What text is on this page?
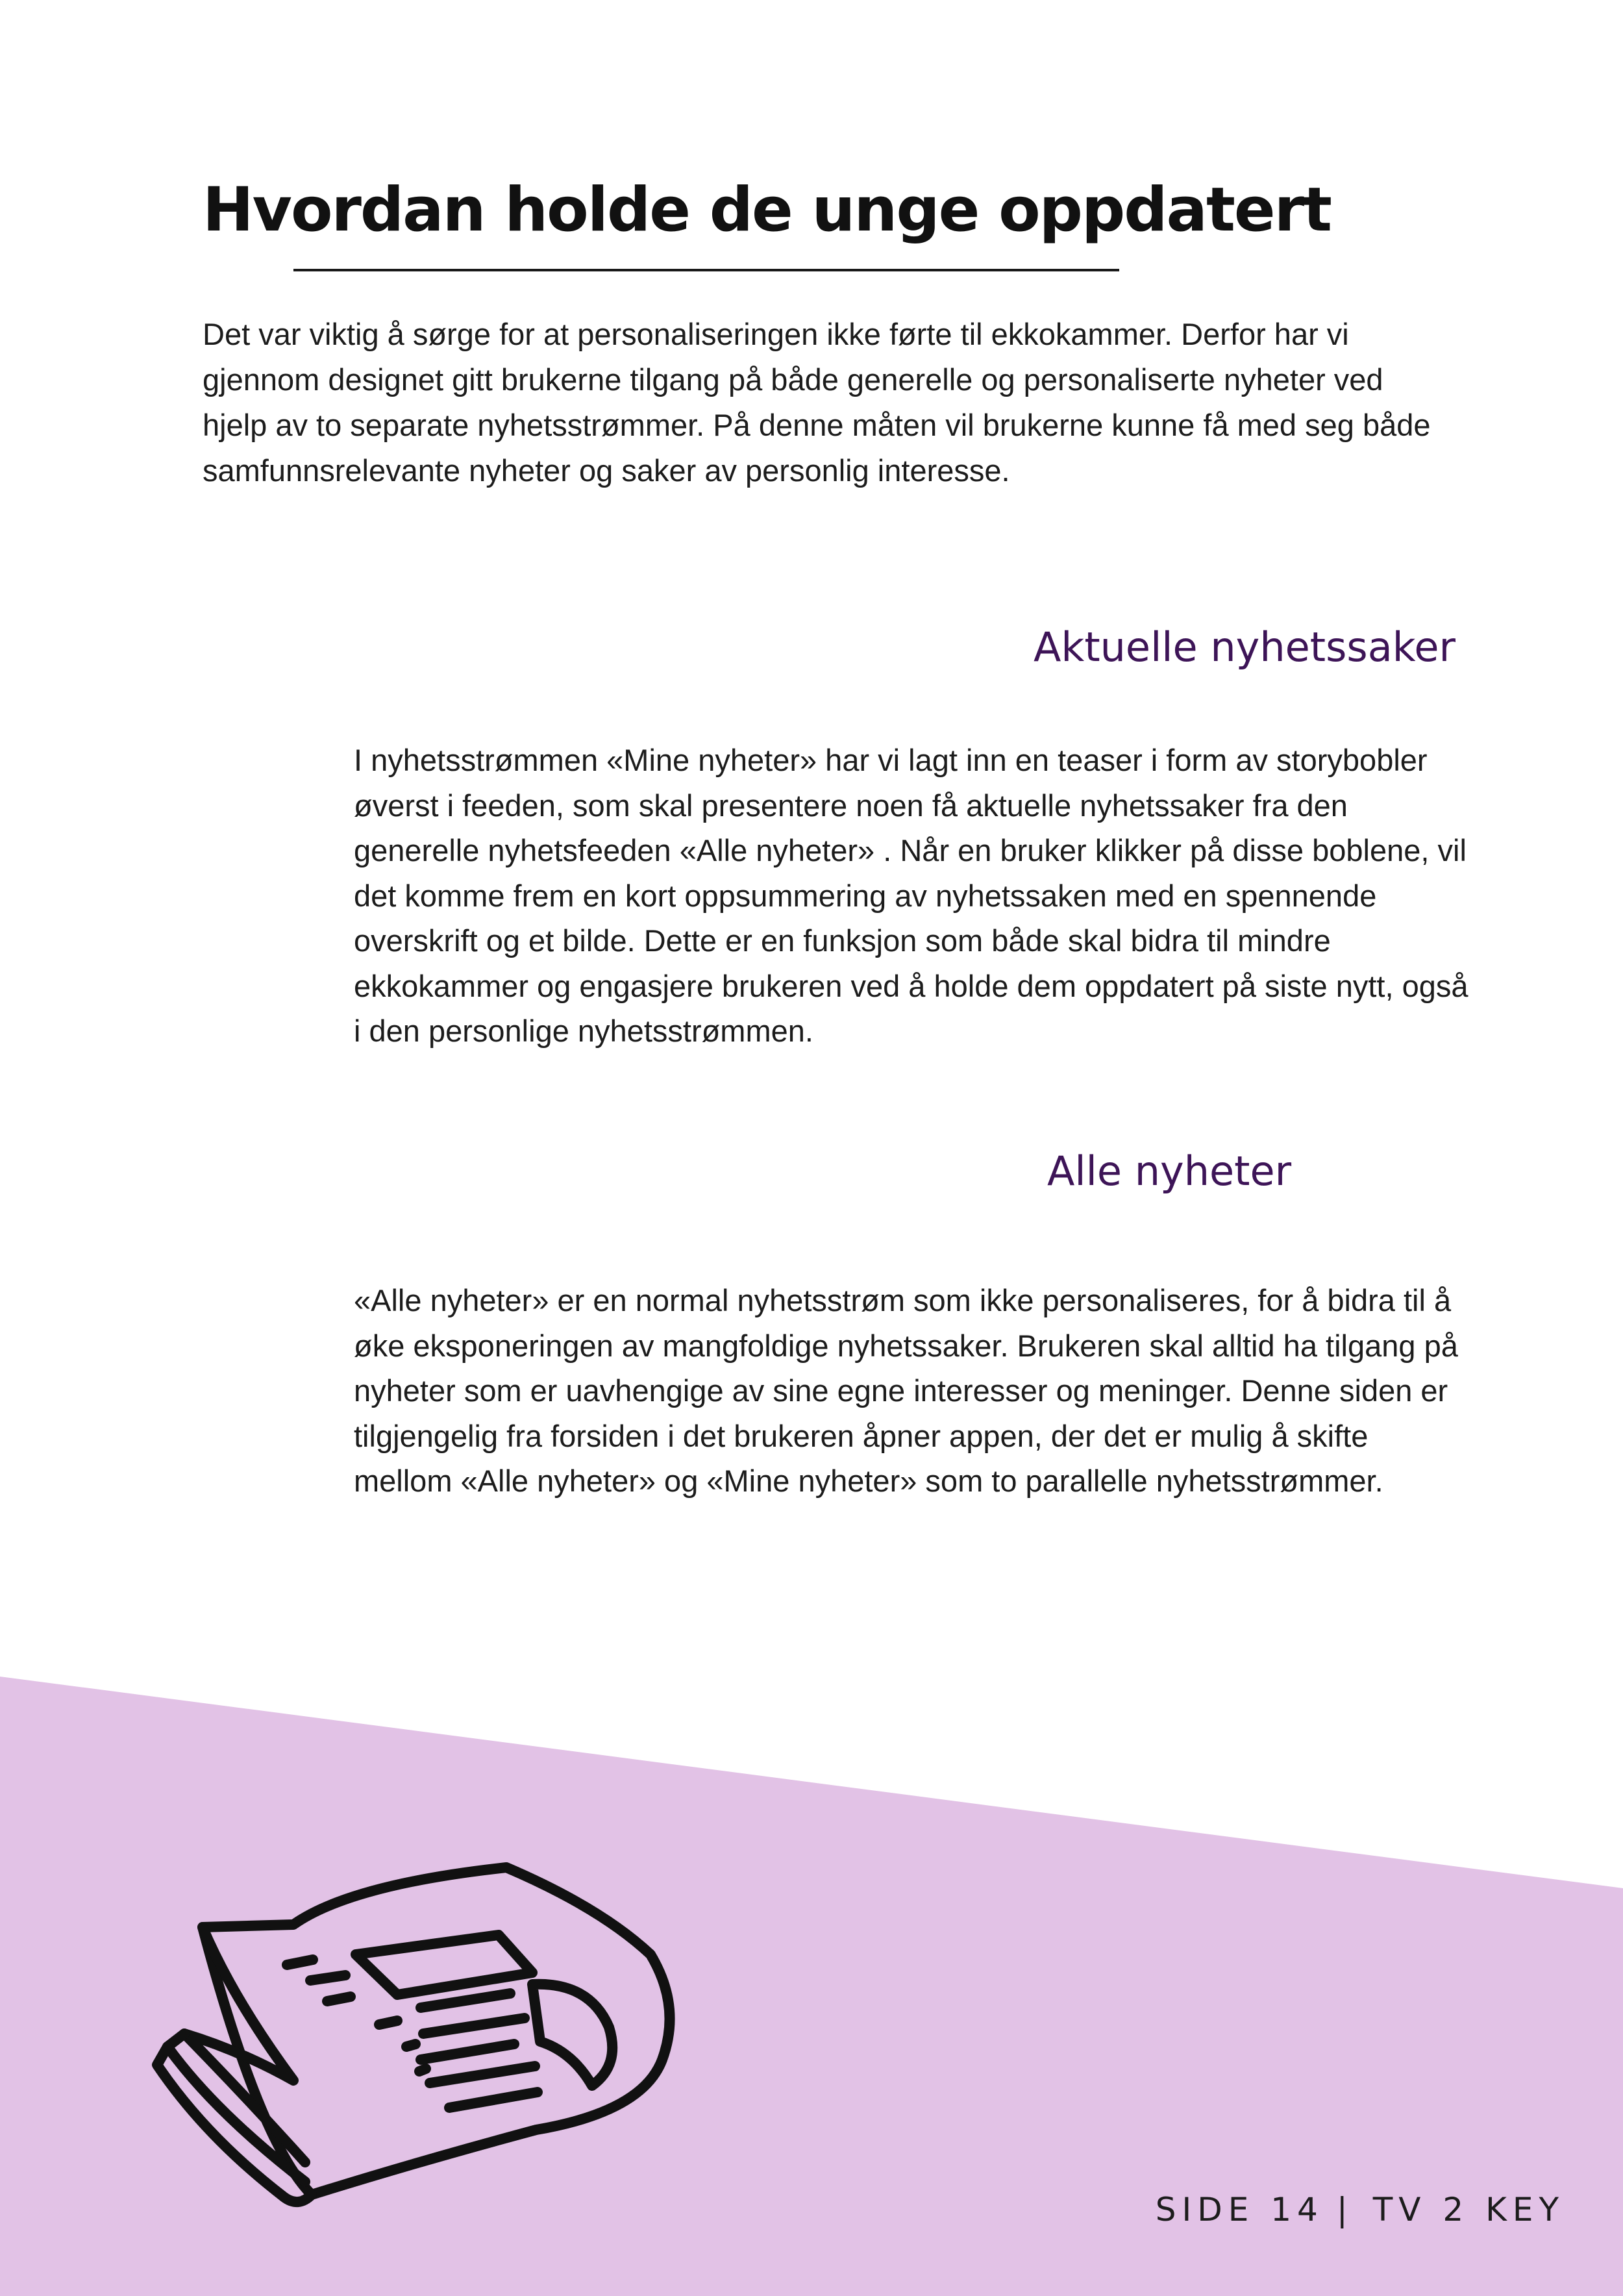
Hvordan holde de unge oppdatert

Det var viktig å sørge for at personaliseringen ikke førte til ekkokammer. Derfor har vi gjennom designet gitt brukerne tilgang på både generelle og personaliserte nyheter ved hjelp av to separate nyhetsstrømmer. På denne måten vil brukerne kunne få med seg både samfunnsrelevante nyheter og saker av personlig interesse.

Aktuelle nyhetssaker

I nyhetsstrømmen «Mine nyheter» har vi lagt inn en teaser i form av storybobler øverst i feeden, som skal presentere noen få aktuelle nyhetssaker fra den generelle nyhetsfeeden «Alle nyheter» . Når en bruker klikker på disse boblene, vil det komme frem en kort oppsummering av nyhetssaken med en spennende overskrift og et bilde. Dette er en funksjon som både skal bidra til mindre ekkokammer og engasjere brukeren ved å holde dem oppdatert på siste nytt, også i den personlige nyhetsstrømmen.

Alle nyheter

«Alle nyheter» er en normal nyhetsstrøm som ikke personaliseres, for å bidra til å øke eksponeringen av mangfoldige nyhetssaker. Brukeren skal alltid ha tilgang på nyheter som er uavhengige av sine egne interesser og meninger. Denne siden er tilgjengelig fra forsiden i det brukeren åpner appen, der det er mulig å skifte mellom «Alle nyheter» og «Mine nyheter» som to parallelle nyhetsstrømmer.

SIDE 14 | TV 2 KEY
